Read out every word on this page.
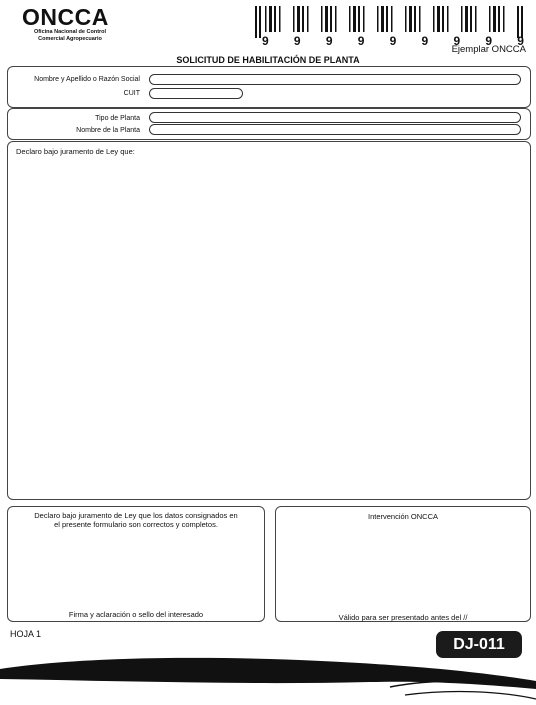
ONCCA
Oficina Nacional de Control
Comercial Agropecuario	9 9 9 9 9 9 9 9 9
Ejemplar ONCCA
SOLICITUD DE HABILITACIÓN DE PLANTA
Nombre y Apellido o Razón Social
CUIT
Tipo de Planta
Nombre de la Planta
Declaro bajo juramento de Ley que:
Declaro bajo juramento de Ley que los datos consignados en
el presente formulario son correctos y completos.
Firma y aclaración o sello del interesado
Intervención ONCCA
Válido para ser presentado antes del //
HOJA 1
DJ-011
